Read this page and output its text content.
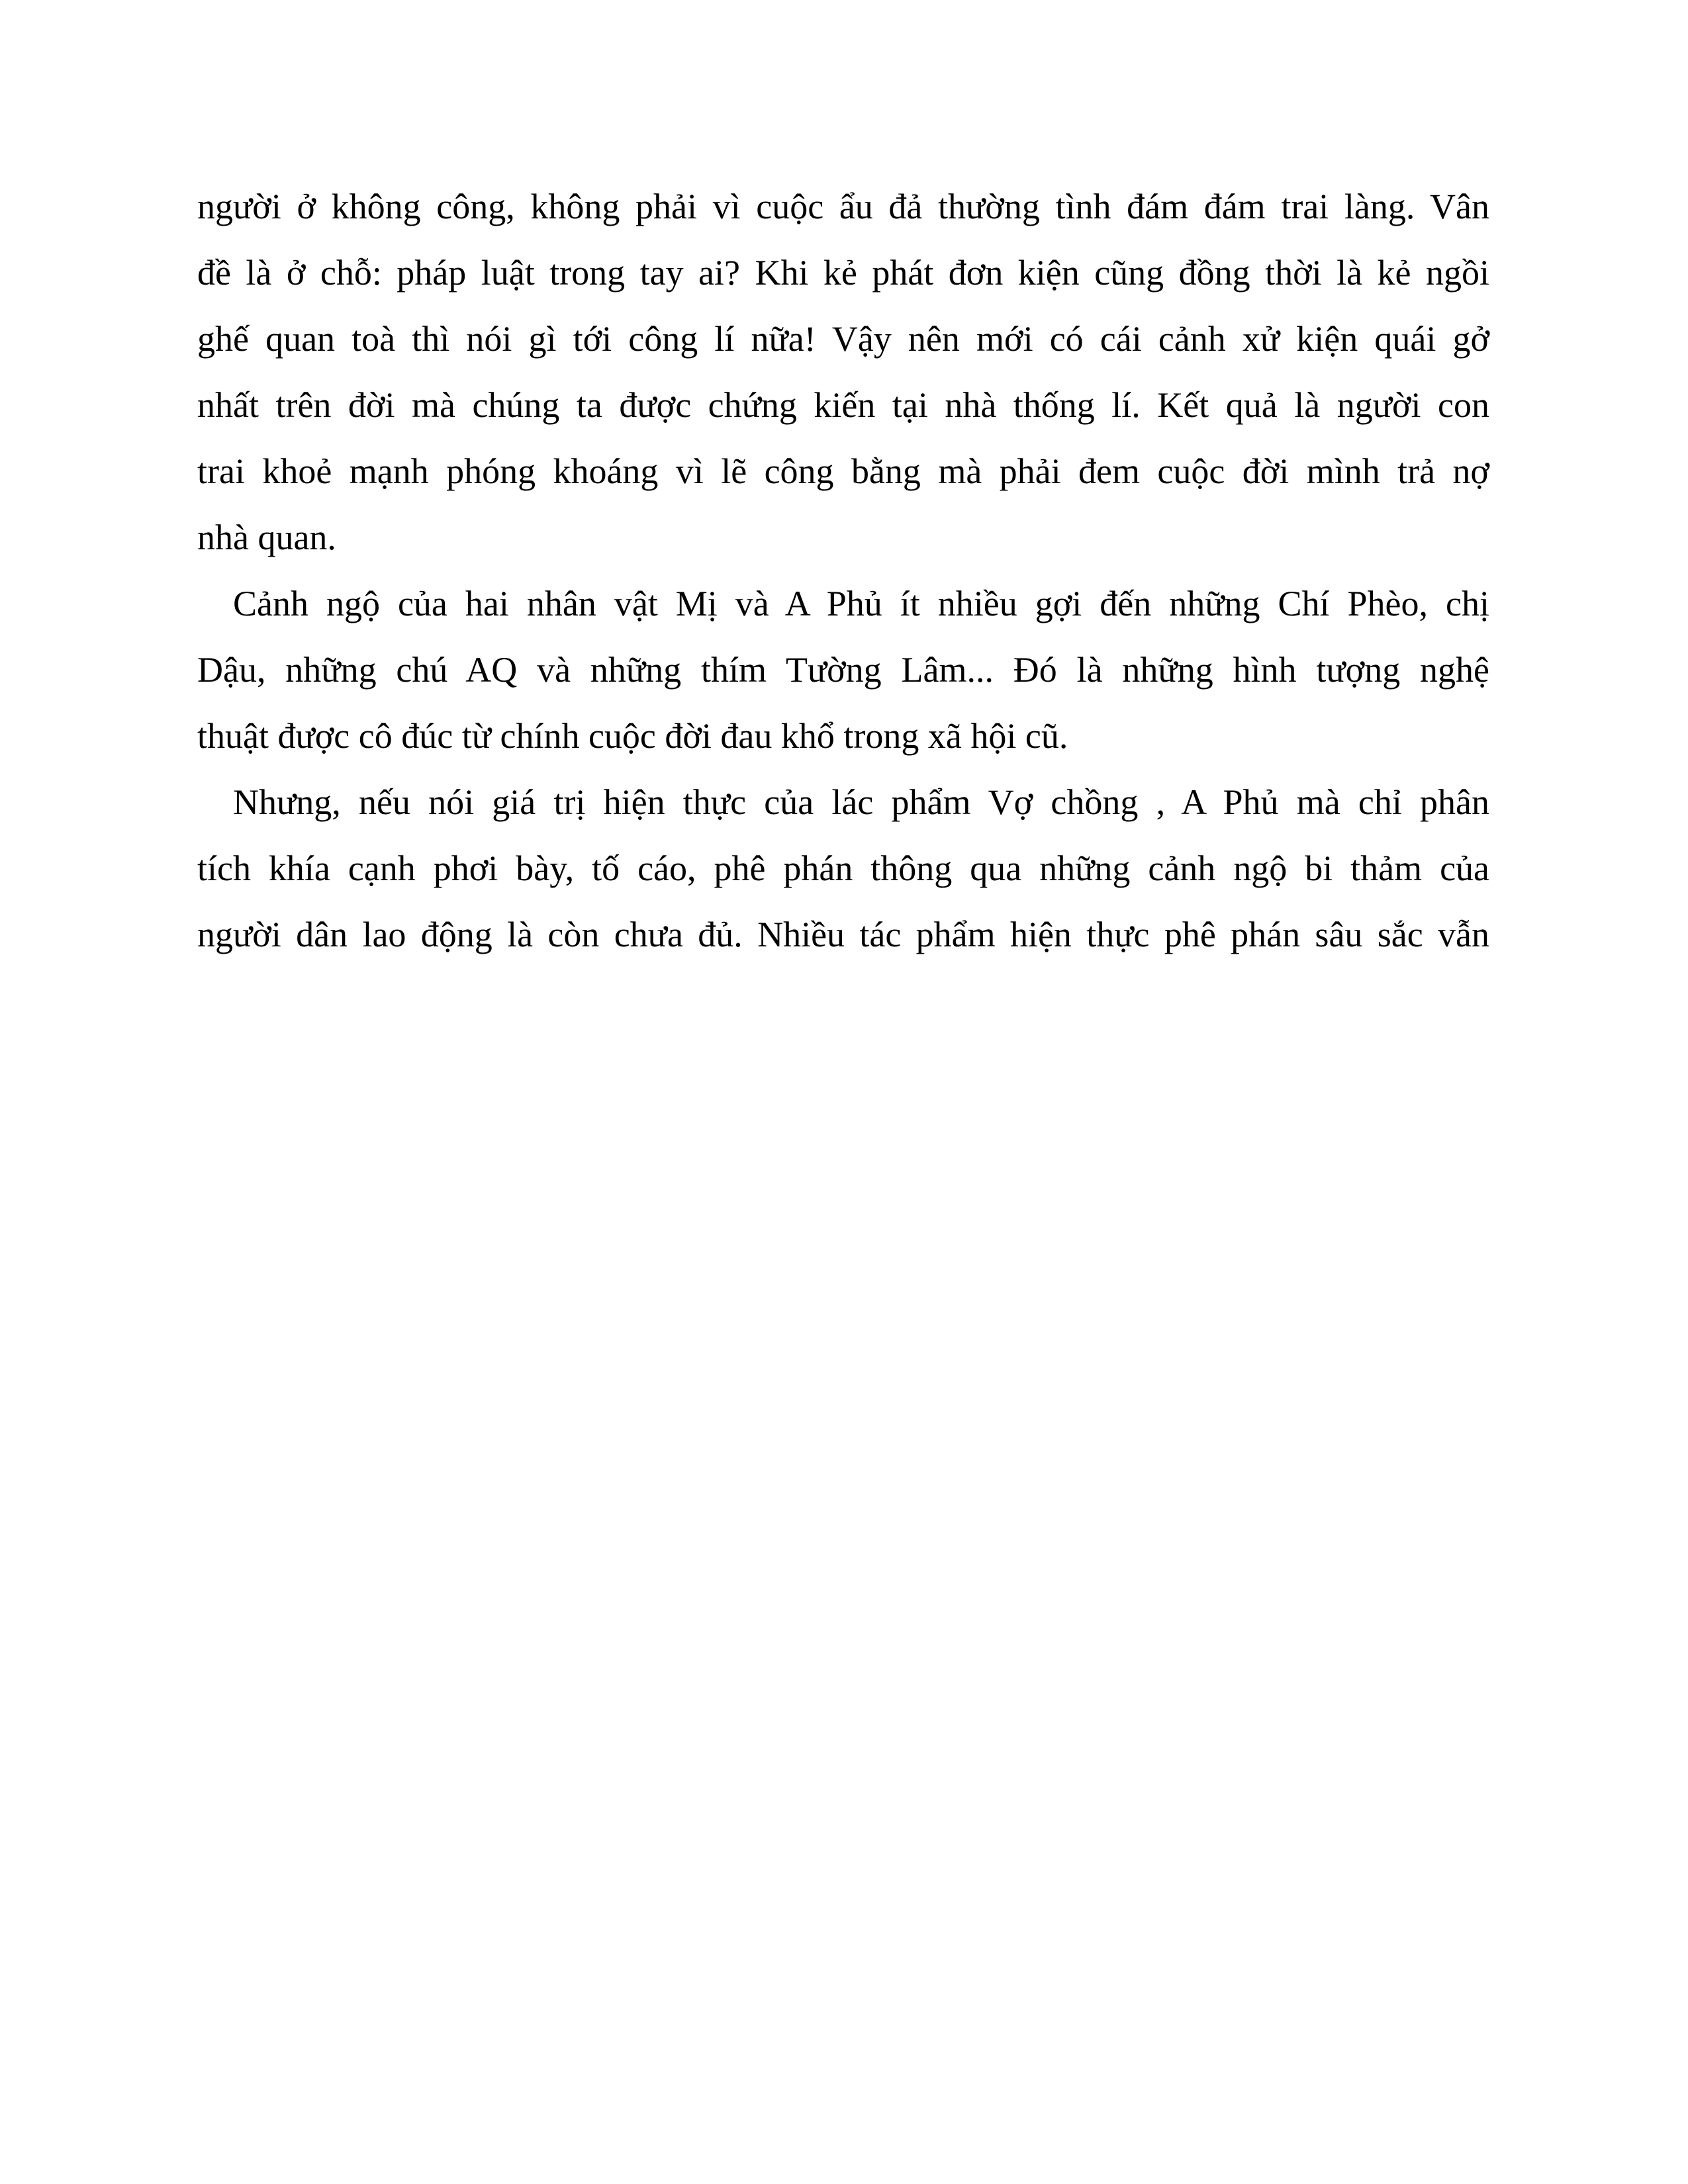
người ở không công, không phải vì cuộc ẩu đả thường tình đám đám trai làng. Vân
đề là ở chỗ: pháp luật trong tay ai? Khi kẻ phát đơn kiện cũng đồng thời là kẻ ngồi
ghế quan toà thì nói gì tới công lí nữa! Vậy nên mới có cái cảnh xử kiện quái gở
nhất trên đời mà chúng ta được chứng kiến tại nhà thống lí. Kết quả là người con
trai khoẻ mạnh phóng khoáng vì lẽ công bằng mà phải đem cuộc đời mình trả nợ
nhà quan.
Cảnh ngộ của hai nhân vật Mị và A Phủ ít nhiều gợi đến những Chí Phèo, chị
Dậu, những chú AQ và những thím Tường Lâm... Đó là những hình tượng nghệ
thuật được cô đúc từ chính cuộc đời đau khổ trong xã hội cũ.
Nhưng, nếu nói giá trị hiện thực của lác phẩm Vợ chồng , A Phủ mà chỉ phân
tích khía cạnh phơi bày, tố cáo, phê phán thông qua những cảnh ngộ bi thảm của
người dân lao động là còn chưa đủ. Nhiều tác phẩm hiện thực phê phán sâu sắc vẫn
